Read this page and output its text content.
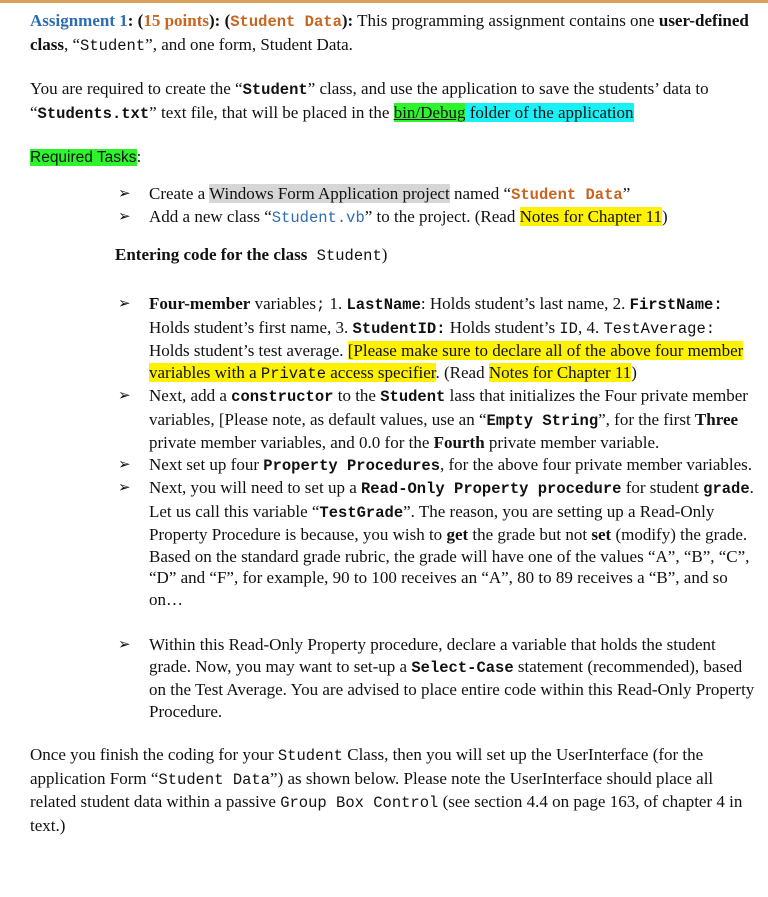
Assignment 1: (15 points): (Student Data): This programming assignment contains one user-defined class, “Student”, and one form, Student Data.

You are required to create the “Student” class, and use the application to save the students’ data to “Students.txt” text file, that will be placed in the bin/Debug folder of the application

Required Tasks:

➢ Create a Windows Form Application project named “Student Data”
➢ Add a new class “Student.vb” to the project. (Read Notes for Chapter 11)

Entering code for the class Student)

➢ Four-member variables; 1. LastName: Holds student’s last name, 2. FirstName: Holds student’s first name, 3. StudentID: Holds student’s ID, 4. TestAverage: Holds student’s test average. [Please make sure to declare all of the above four member variables with a Private access specifier. (Read Notes for Chapter 11)
➢ Next, add a constructor to the Student lass that initializes the Four private member variables, [Please note, as default values, use an “Empty String”, for the first Three private member variables, and 0.0 for the Fourth private member variable.
➢ Next set up four Property Procedures, for the above four private member variables.
➢ Next, you will need to set up a Read-Only Property procedure for student grade. Let us call this variable “TestGrade”. The reason, you are setting up a Read-Only Property Procedure is because, you wish to get the grade but not set (modify) the grade. Based on the standard grade rubric, the grade will have one of the values “A”, “B”, “C”, “D” and “F”, for example, 90 to 100 receives an “A”, 80 to 89 receives a “B”, and so on…
➢ Within this Read-Only Property procedure, declare a variable that holds the student grade. Now, you may want to set-up a Select-Case statement (recommended), based on the Test Average. You are advised to place entire code within this Read-Only Property Procedure.

Once you finish the coding for your Student Class, then you will set up the UserInterface (for the application Form “Student Data”) as shown below. Please note the UserInterface should place all related student data within a passive Group Box Control (see section 4.4 on page 163, of chapter 4 in text.)
